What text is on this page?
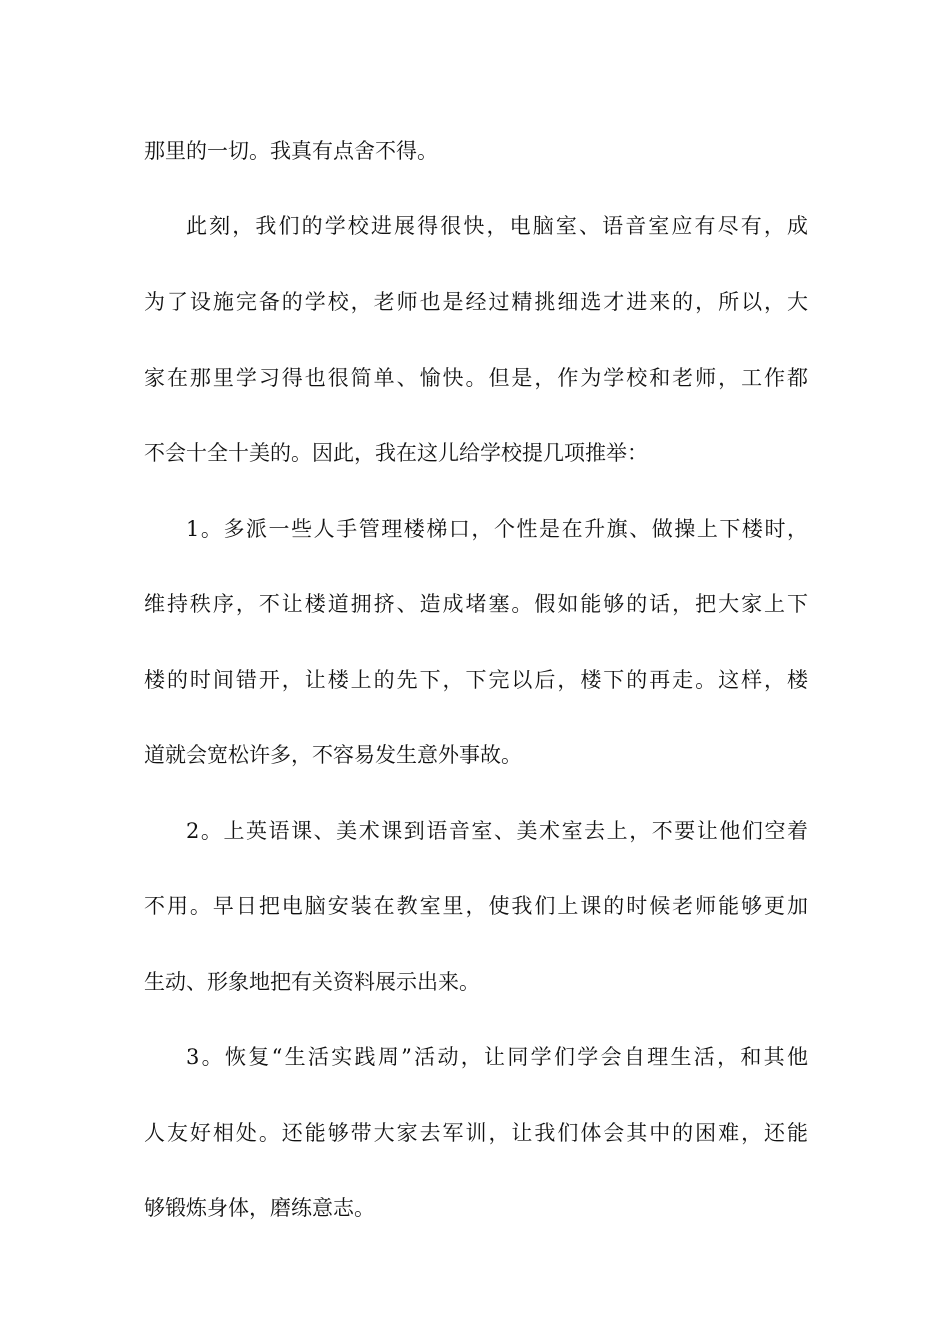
那里的一切。我真有点舍不得。
此刻，我们的学校进展得很快，电脑室、语音室应有尽有，成
为了设施完备的学校，老师也是经过精挑细选才进来的，所以，大
家在那里学习得也很简单、愉快。但是，作为学校和老师，工作都
不会十全十美的。因此，我在这儿给学校提几项推举：
1。多派一些人手管理楼梯口，个性是在升旗、做操上下楼时，
维持秩序，不让楼道拥挤、造成堵塞。假如能够的话，把大家上下
楼的时间错开，让楼上的先下，下完以后，楼下的再走。这样，楼
道就会宽松许多，不容易发生意外事故。
2。上英语课、美术课到语音室、美术室去上，不要让他们空着
不用。早日把电脑安装在教室里，使我们上课的时候老师能够更加
生动、形象地把有关资料展示出来。
3。恢复“生活实践周”活动，让同学们学会自理生活，和其他
人友好相处。还能够带大家去军训，让我们体会其中的困难，还能
够锻炼身体，磨练意志。
